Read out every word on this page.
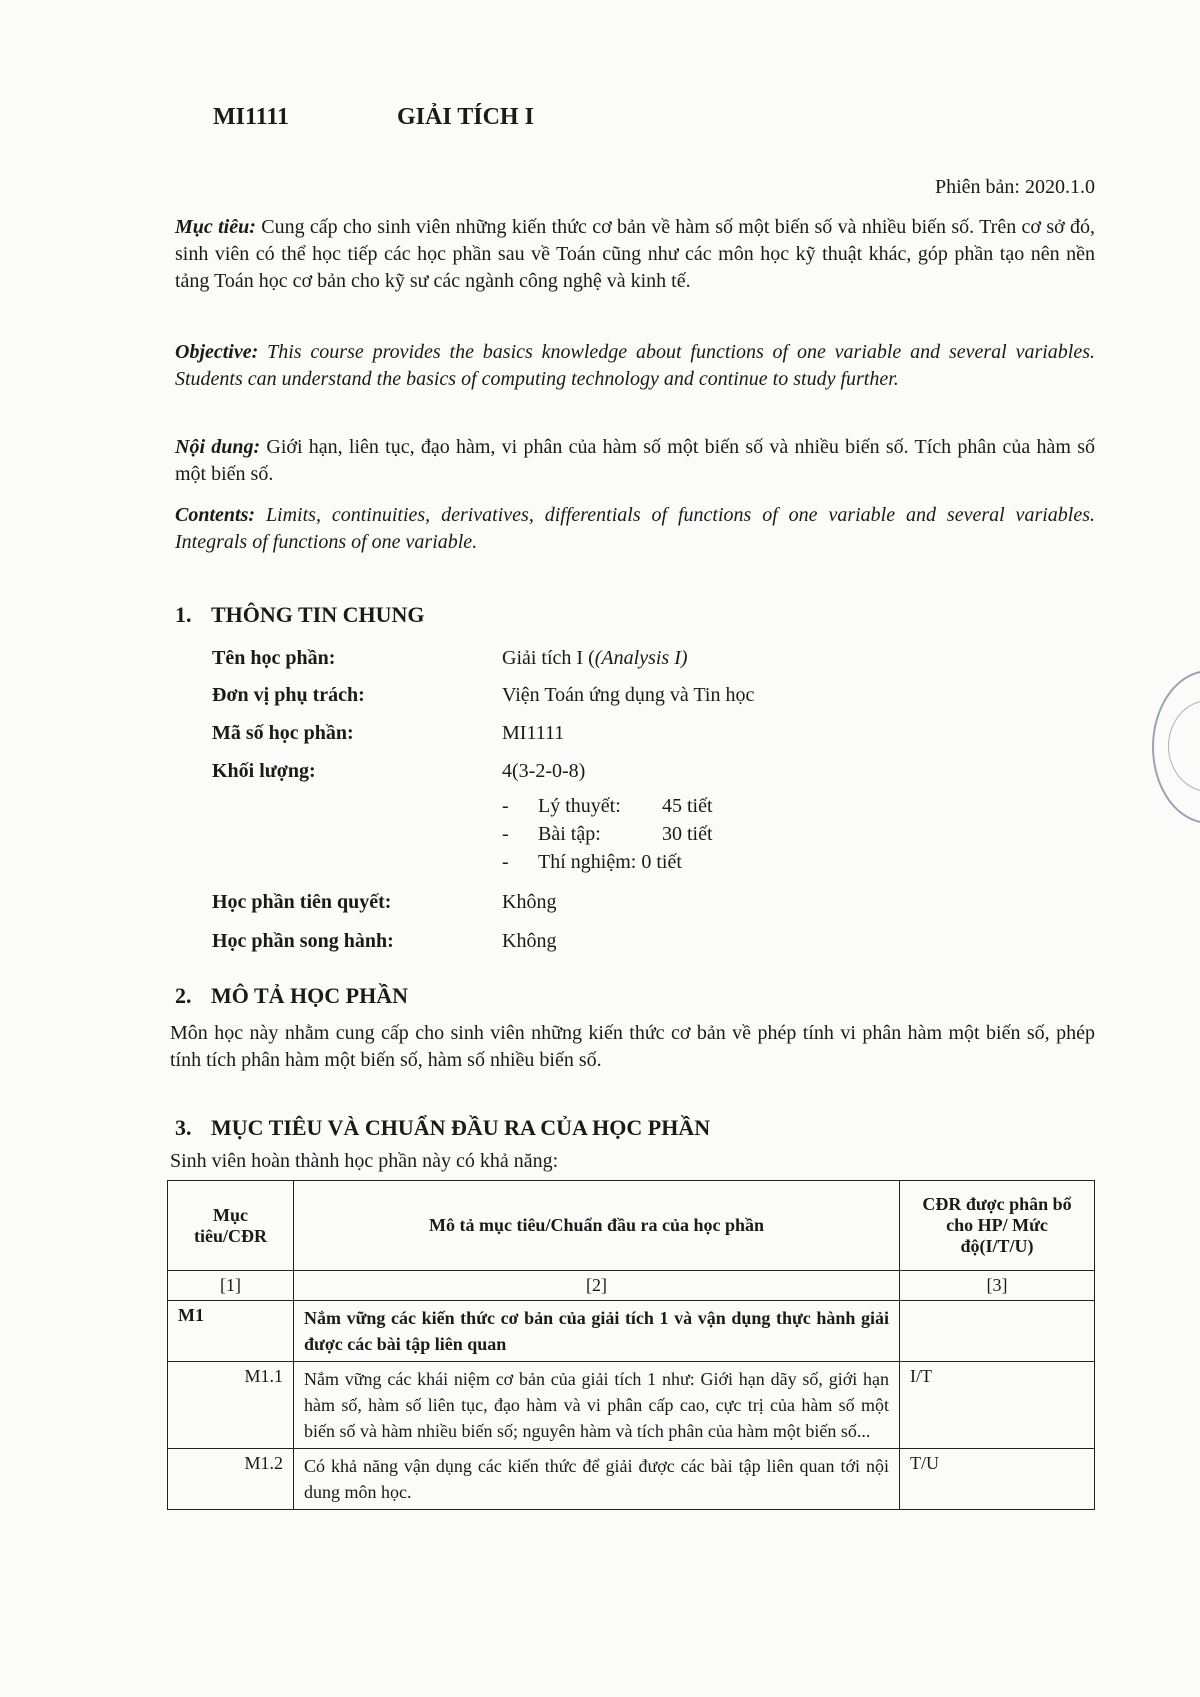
MI1111	GIẢI TÍCH I
Phiên bản: 2020.1.0
Mục tiêu: Cung cấp cho sinh viên những kiến thức cơ bản về hàm số một biến số và nhiều biến số. Trên cơ sở đó, sinh viên có thể học tiếp các học phần sau về Toán cũng như các môn học kỹ thuật khác, góp phần tạo nên nền tảng Toán học cơ bản cho kỹ sư các ngành công nghệ và kinh tế.
Objective: This course provides the basics knowledge about functions of one variable and several variables. Students can understand the basics of computing technology and continue to study further.
Nội dung: Giới hạn, liên tục, đạo hàm, vi phân của hàm số một biến số và nhiều biến số. Tích phân của hàm số một biến số.
Contents: Limits, continuities, derivatives, differentials of functions of one variable and several variables. Integrals of functions of one variable.
1. THÔNG TIN CHUNG
Tên học phần:	Giải tích I ((Analysis I)
Đơn vị phụ trách:	Viện Toán ứng dụng và Tin học
Mã số học phần:	MI1111
Khối lượng:	4(3-2-0-8)
- Lý thuyết: 45 tiết
- Bài tập:	30 tiết
- Thí nghiệm: 0 tiết
Học phần tiên quyết:	Không
Học phần song hành:	Không
2. MÔ TẢ HỌC PHẦN
Môn học này nhằm cung cấp cho sinh viên những kiến thức cơ bản về phép tính vi phân hàm một biến số, phép tính tích phân hàm một biến số, hàm số nhiều biến số.
3. MỤC TIÊU VÀ CHUẨN ĐẦU RA CỦA HỌC PHẦN
Sinh viên hoàn thành học phần này có khả năng:
Mục tiêu/CĐR	Mô tả mục tiêu/Chuẩn đầu ra của học phần	CĐR được phân bổ cho HP/ Mức độ(I/T/U)
[1]	[2]	[3]
M1	Nắm vững các kiến thức cơ bản của giải tích 1 và vận dụng thực hành giải được các bài tập liên quan	
M1.1	Nắm vững các khái niệm cơ bản của giải tích 1 như: Giới hạn dãy số, giới hạn hàm số, hàm số liên tục, đạo hàm và vi phân cấp cao, cực trị của hàm số một biến số và hàm nhiều biến số; nguyên hàm và tích phân của hàm một biến số...	I/T
M1.2	Có khả năng vận dụng các kiến thức để giải được các bài tập liên quan tới nội dung môn học.	T/U
